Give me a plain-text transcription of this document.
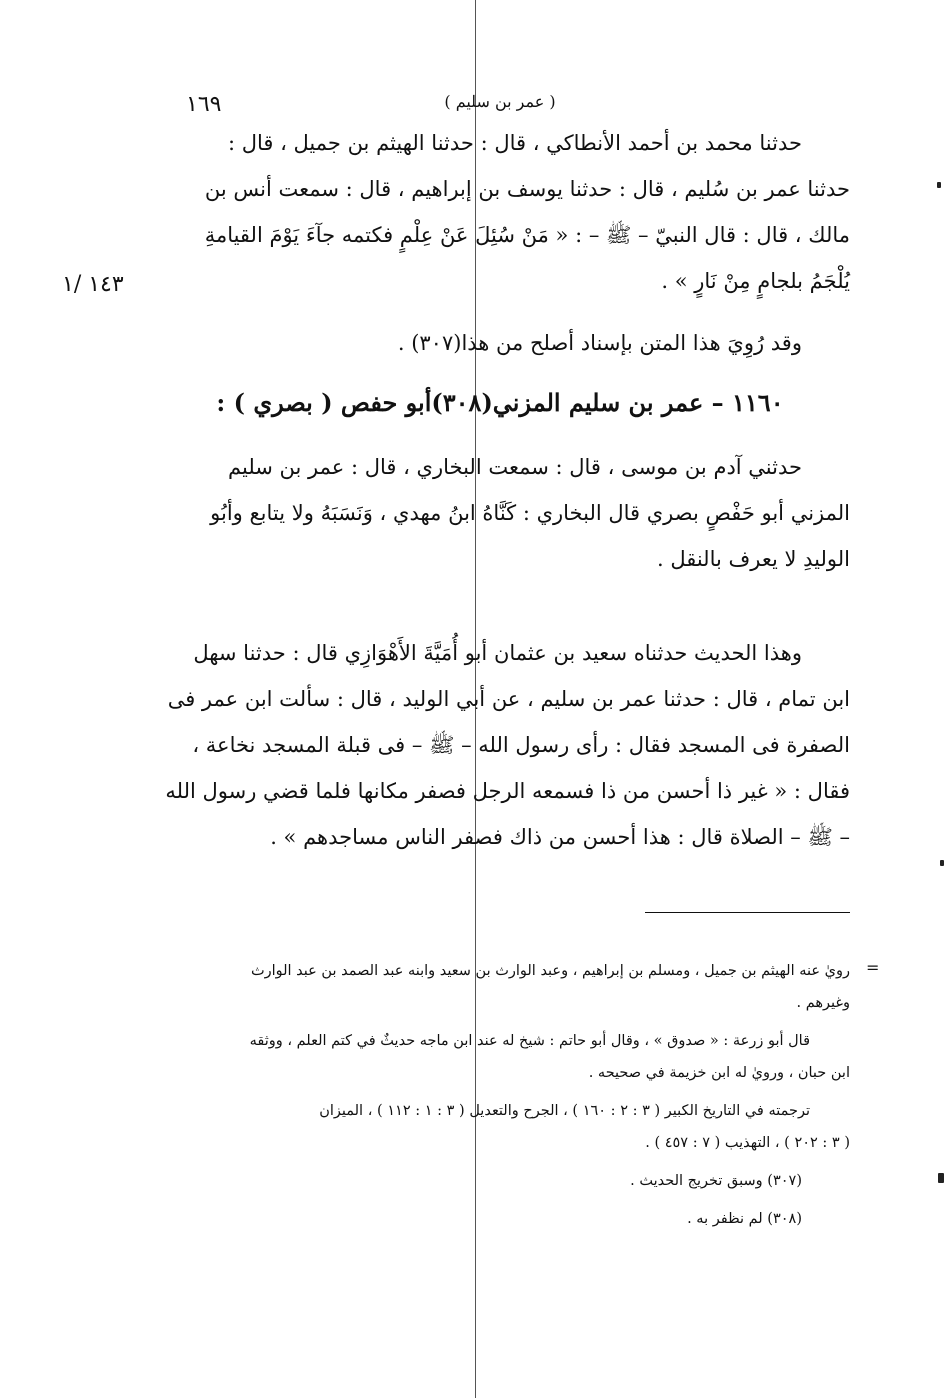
١٦٩	( عمر بن سليم )
١٤٣ /١
حدثنا محمد بن أحمد الأنطاكي ، قال : حدثنا الهيثم بن جميل ، قال :
حدثنا عمر بن سُليم ، قال : حدثنا يوسف بن إبراهيم ، قال : سمعت أنس بن
مالك ، قال : قال النبيّ – ﷺ – : « مَنْ سُئِلَ عَنْ عِلْمٍ فكتمه جآءَ يَوْمَ القيامةِ
يُلْجَمُ بلجامٍ مِنْ نَارٍ » .
وقد رُوِيَ هذا المتن بإسناد أصلح من هذا(٣٠٧) .
١١٦٠ – عمر بن سليم المزني(٣٠٨)أبو حفص ( بصري ) :
حدثني آدم بن موسى ، قال : سمعت البخاري ، قال : عمر بن سليم
المزني أبو حَفْصٍ بصري قال البخاري : كَنَّاهُ ابنُ مهدي ، وَنَسَبَهُ ولا يتابع وأبُو
الوليدِ لا يعرف بالنقل .
وهذا الحديث حدثناه سعيد بن عثمان أبو أُمَيَّةَ الأَهْوَازِي قال : حدثنا سهل
ابن تمام ، قال : حدثنا عمر بن سليم ، عن أبي الوليد ، قال : سألت ابن عمر فى
الصفرة فى المسجد فقال : رأى رسول الله – ﷺ – فى قبلة المسجد نخاعة ،
فقال : « غير ذا أحسن من ذا فسمعه الرجل فصفر مكانها فلما قضي رسول الله
– ﷺ – الصلاة قال : هذا أحسن من ذاك فصفر الناس مساجدهم » .
=

رويٰ عنه الهيثم بن جميل ، ومسلم بن إبراهيم ، وعبد الوارث بن سعيد وابنه عبد الصمد بن عبد الوارث
وغيرهم .

قال أبو زرعة : « صدوق » ، وقال أبو حاتم : شيخ له عند ابن ماجه حديثٌ في كتم العلم ، ووثقه
ابن حبان ، ورويٰ له ابن خزيمة في صحيحه .

ترجمته في التاريخ الكبير ( ٣ : ٢ : ١٦٠ ) ، الجرح والتعديل ( ٣ : ١ : ١١٢ ) ، الميزان
( ٣ : ٢٠٢ ) ، التهذيب ( ٧ : ٤٥٧ ) .

(٣٠٧) وسبق تخريج الحديث .

(٣٠٨) لم نظفر به .
